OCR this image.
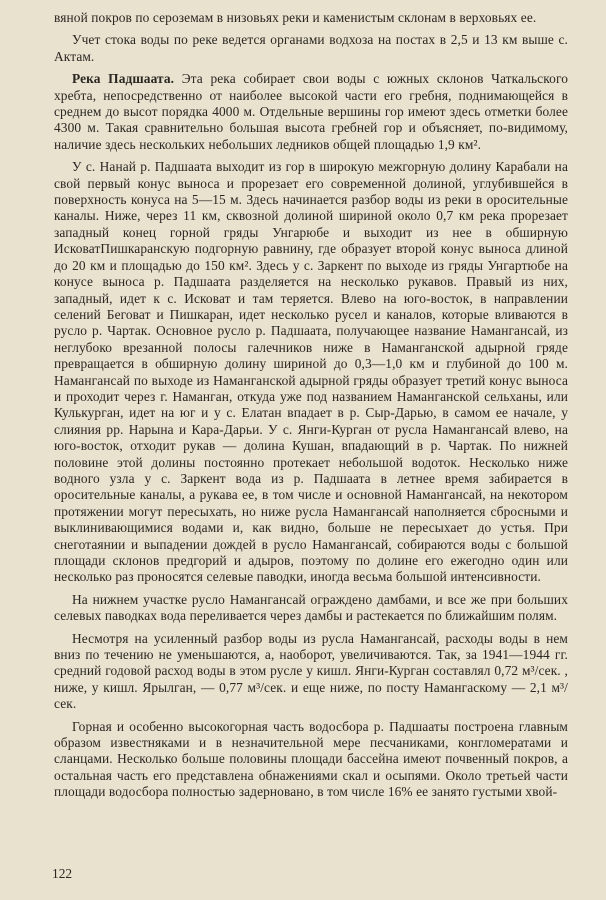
вяной покров по сероземам в низовьях реки и каменистым склонам в верховьях ее.

Учет стока воды по реке ведется органами водхоза на постах в 2,5 и 13 км выше с. Актам.

Река Падшаата. Эта река собирает свои воды с южных склонов Чаткальского хребта, непосредственно от наиболее высокой части его гребня, поднимающейся в среднем до высот порядка 4000 м. Отдельные вершины гор имеют здесь отметки более 4300 м. Такая сравнительно большая высота гребней гор и объясняет, по-видимому, наличие здесь нескольких небольших ледников общей площадью 1,9 км².

У с. Нанай р. Падшаата выходит из гор в широкую межгорную долину Карабали на свой первый конус выноса и прорезает его современной долиной, углубившейся в поверхность конуса на 5—15 м. Здесь начинается разбор воды из реки в оросительные каналы. Ниже, через 11 км, сквозной долиной шириной около 0,7 км река прорезает западный конец горной гряды Унгарюбе и выходит из нее в обширную ИсковатПишкаранскую подгорную равнину, где образует второй конус выноса длиной до 20 км и площадью до 150 км². Здесь у с. Заркент по выходе из гряды Унгартюбе на конусе выноса р. Падшаата разделяется на несколько рукавов. Правый из них, западный, идет к с. Исковат и там теряется. Влево на юго-восток, в направлении селений Беговат и Пишкаран, идет несколько русел и каналов, которые вливаются в русло р. Чартак. Основное русло р. Падшаата, получающее название Намангансай, из неглубоко врезанной полосы галечников ниже в Наманганской адырной гряде превращается в обширную долину шириной до 0,3—1,0 км и глубиной до 100 м. Намангансай по выходе из Наманганской адырной гряды образует третий конус выноса и проходит через г. Наманган, откуда уже под названием Наманганской сельханы, или Кулькурган, идет на юг и у с. Елатан впадает в р. Сыр-Дарью, в самом ее начале, у слияния рр. Нарына и Кара-Дарьи. У с. Янги-Курган от русла Намангансай влево, на юго-восток, отходит рукав — долина Кушан, впадающий в р. Чартак. По нижней половине этой долины постоянно протекает небольшой водоток. Несколько ниже водного узла у с. Заркент вода из р. Падшаата в летнее время забирается в оросительные каналы, а рукава ее, в том числе и основной Намангансай, на некотором протяжении могут пересыхать, но ниже русла Намангансай наполняется сбросными и выклинивающимися водами и, как видно, больше не пересыхает до устья. При снеготаянии и выпадении дождей в русло Намангансай, собираются воды с большой площади склонов предгорий и адыров, поэтому по долине его ежегодно один или несколько раз проносятся селевые паводки, иногда весьма большой интенсивности.

На нижнем участке русло Намангансай ограждено дамбами, и все же при больших селевых паводках вода переливается через дамбы и растекается по ближайшим полям.

Несмотря на усиленный разбор воды из русла Намангансай, расходы воды в нем вниз по течению не уменьшаются, а, наоборот, увеличиваются. Так, за 1941—1944 гг. средний годовой расход воды в этом русле у кишл. Янги-Курган составлял 0,72 м³/сек. , ниже, у кишл. Ярылган, — 0,77 м³/сек. и еще ниже, по посту Намангаскому — 2,1 м³/сек.

Горная и особенно высокогорная часть водосбора р. Падшааты построена главным образом известняками и в незначительной мере песчаниками, конгломератами и сланцами. Несколько больше половины площади бассейна имеют почвенный покров, а остальная часть его представлена обнажениями скал и осыпями. Около третьей части площади водосбора полностью задерновано, в том числе 16% ее занято густыми хвой-

122
